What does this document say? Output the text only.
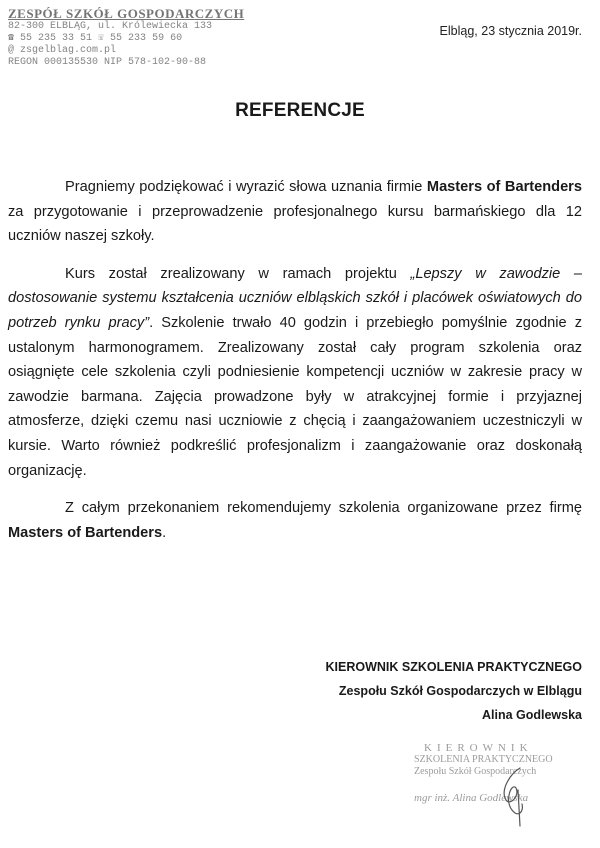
ZESPÓŁ SZKÓŁ GOSPODARCZYCH
82-300 ELBLĄG, ul. Królewiecka 133
☎ 55 235 33 51 ☏ 55 233 59 60
@ zsgelblag.com.pl
REGON 000135530 NIP 578-102-90-88
Elbląg, 23 stycznia 2019r.
REFERENCJE

Pragniemy podziękować i wyrazić słowa uznania firmie Masters of Bartenders za przygotowanie i przeprowadzenie profesjonalnego kursu barmańskiego dla 12 uczniów naszej szkoły.

Kurs został zrealizowany w ramach projektu „Lepszy w zawodzie – dostosowanie systemu kształcenia uczniów elbląskich szkół i placówek oświatowych do potrzeb rynku pracy”. Szkolenie trwało 40 godzin i przebiegło pomyślnie zgodnie z ustalonym harmonogramem. Zrealizowany został cały program szkolenia oraz osiągnięte cele szkolenia czyli podniesienie kompetencji uczniów w zakresie pracy w zawodzie barmana. Zajęcia prowadzone były w atrakcyjnej formie i przyjaznej atmosferze, dzięki czemu nasi uczniowie z chęcią i zaangażowaniem uczestniczyli w kursie. Warto również podkreślić profesjonalizm i zaangażowanie oraz doskonałą organizację.

Z całym przekonaniem rekomendujemy szkolenia organizowane przez firmę Masters of Bartenders.

KIEROWNIK SZKOLENIA PRAKTYCZNEGO
Zespołu Szkół Gospodarczych w Elblągu
Alina Godlewska
KIEROWNIK
SZKOLENIA PRAKTYCZNEGO
Zespołu Szkół Gospodarczych
mgr inż. Alina Godlewska
